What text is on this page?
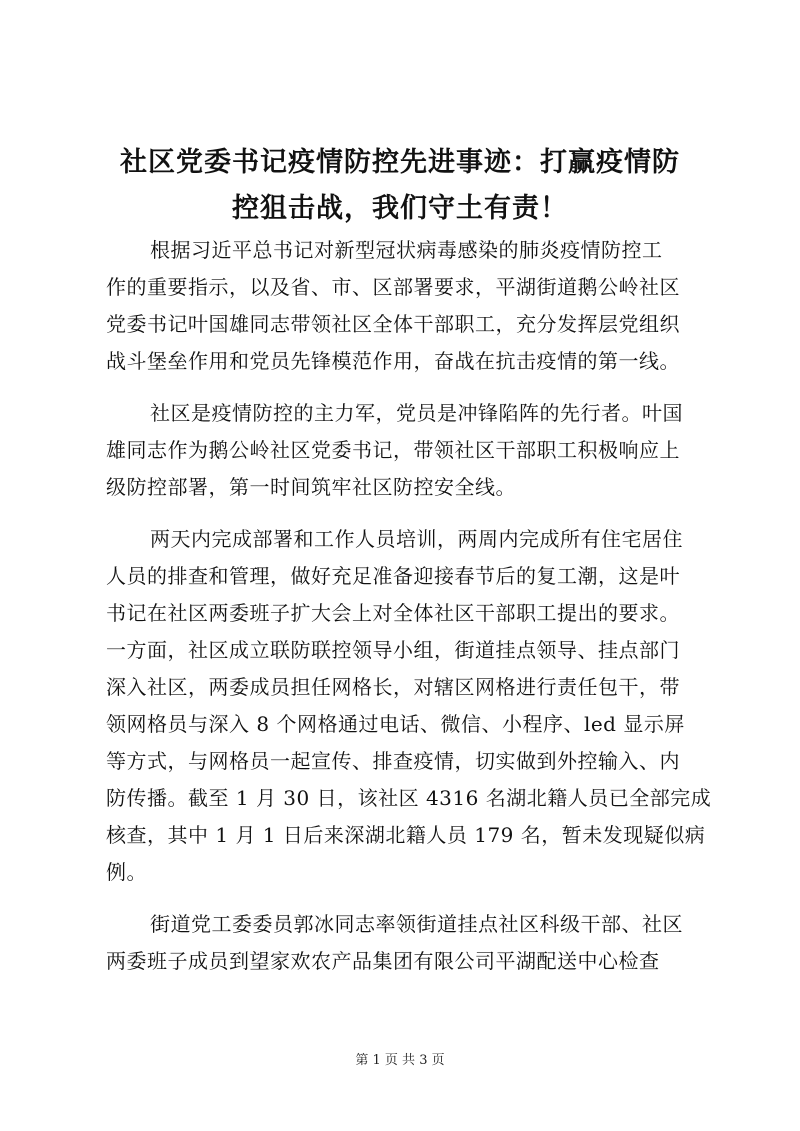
社区党委书记疫情防控先进事迹：打赢疫情防
控狙击战，我们守土有责！

根据习近平总书记对新型冠状病毒感染的肺炎疫情防控工
作的重要指示，以及省、市、区部署要求，平湖街道鹅公岭社区
党委书记叶国雄同志带领社区全体干部职工，充分发挥层党组织
战斗堡垒作用和党员先锋模范作用，奋战在抗击疫情的第一线。

社区是疫情防控的主力军，党员是冲锋陷阵的先行者。叶国
雄同志作为鹅公岭社区党委书记，带领社区干部职工积极响应上
级防控部署，第一时间筑牢社区防控安全线。

两天内完成部署和工作人员培训，两周内完成所有住宅居住
人员的排查和管理，做好充足准备迎接春节后的复工潮，这是叶
书记在社区两委班子扩大会上对全体社区干部职工提出的要求。
一方面，社区成立联防联控领导小组，街道挂点领导、挂点部门
深入社区，两委成员担任网格长，对辖区网格进行责任包干，带
领网格员与深入 8 个网格通过电话、微信、小程序、led 显示屏
等方式，与网格员一起宣传、排查疫情，切实做到外控输入、内
防传播。截至 1 月 30 日，该社区 4316 名湖北籍人员已全部完成
核查，其中 1 月 1 日后来深湖北籍人员 179 名，暂未发现疑似病
例。

街道党工委委员郭冰同志率领街道挂点社区科级干部、社区
两委班子成员到望家欢农产品集团有限公司平湖配送中心检查

第 1 页 共 3 页
